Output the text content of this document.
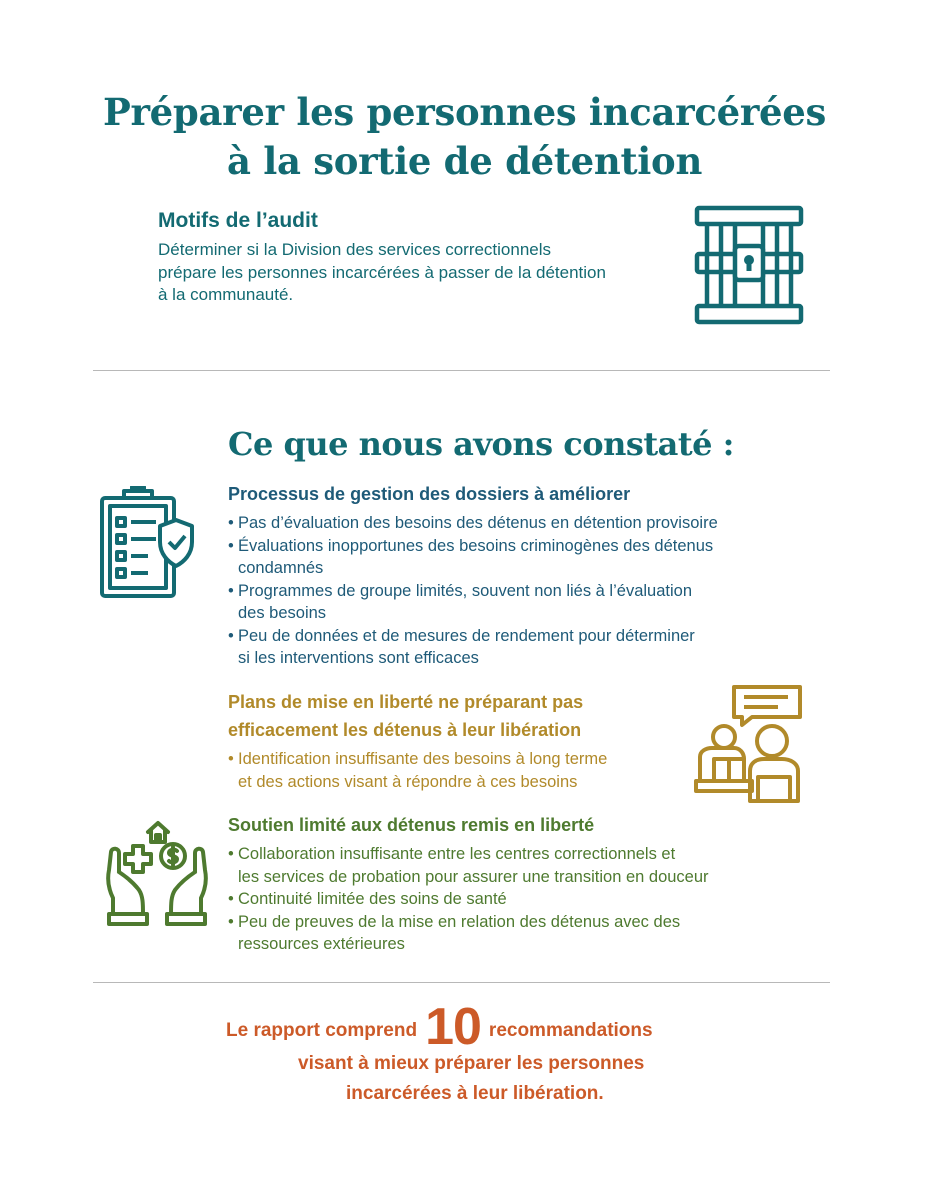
Préparer les personnes incarcérées
à la sortie de détention
Motifs de l’audit
Déterminer si la Division des services correctionnels
prépare les personnes incarcérées à passer de la détention
à la communauté.
Ce que nous avons constaté :
Processus de gestion des dossiers à améliorer
• Pas d’évaluation des besoins des détenus en détention provisoire
• Évaluations inopportunes des besoins criminogènes des détenus
condamnés
• Programmes de groupe limités, souvent non liés à l’évaluation
des besoins
• Peu de données et de mesures de rendement pour déterminer
si les interventions sont efficaces
Plans de mise en liberté ne préparant pas
efficacement les détenus à leur libération
• Identification insuffisante des besoins à long terme
et des actions visant à répondre à ces besoins
Soutien limité aux détenus remis en liberté
• Collaboration insuffisante entre les centres correctionnels et
les services de probation pour assurer une transition en douceur
• Continuité limitée des soins de santé
• Peu de preuves de la mise en relation des détenus avec des
ressources extérieures
Le rapport comprend 10 recommandations
visant à mieux préparer les personnes
incarcérées à leur libération.
